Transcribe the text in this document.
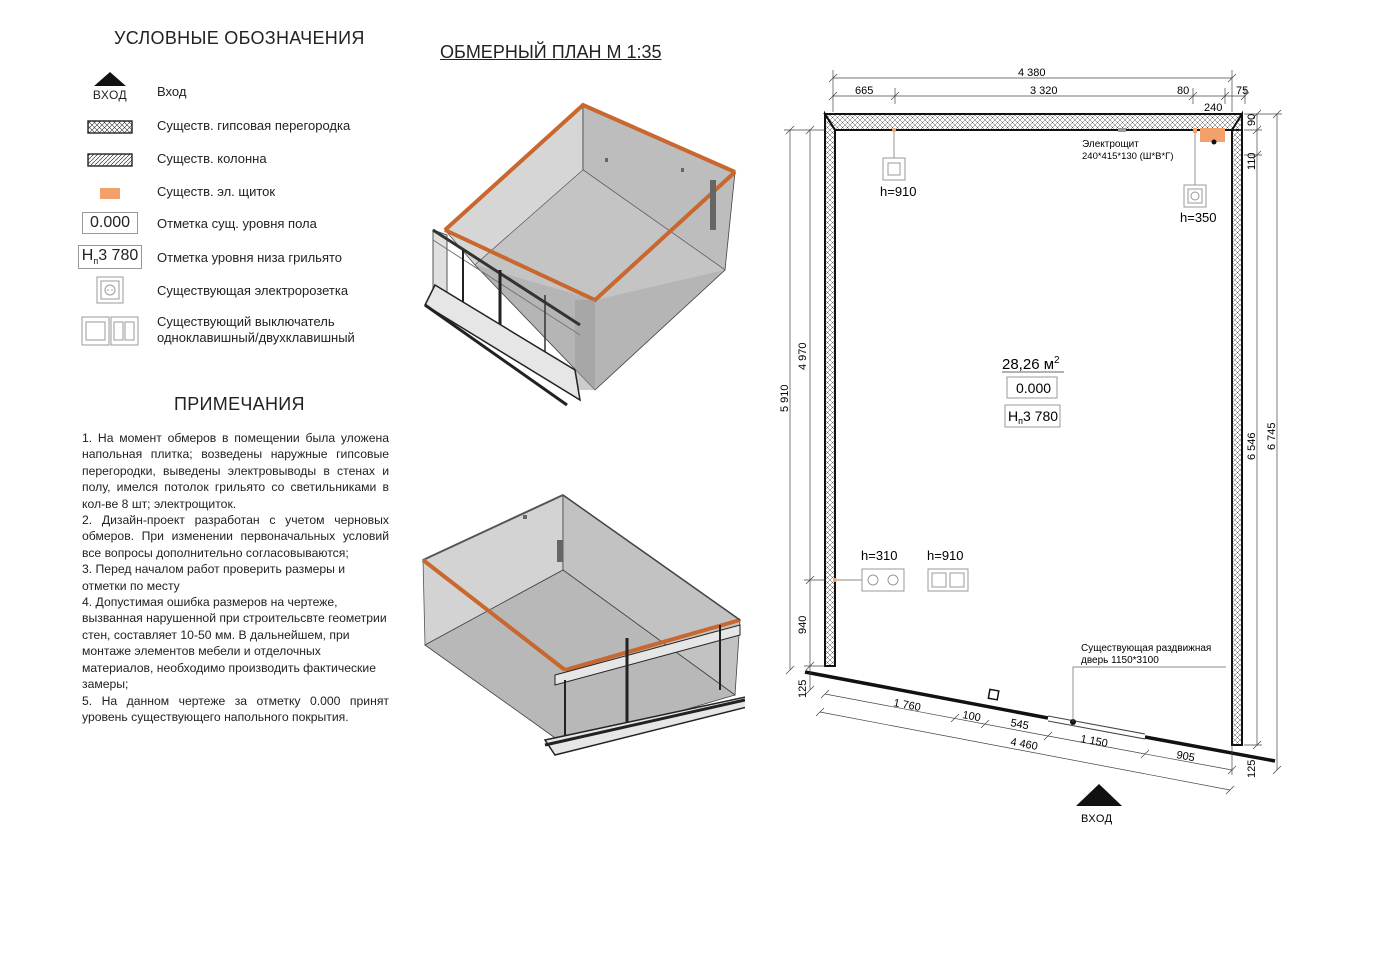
УСЛОВНЫЕ ОБОЗНАЧЕНИЯ
ВХОД Вход
Существ. гипсовая перегородка
Существ. колонна
Существ. эл. щиток
0.000	Отметка сущ. уровня пола
$H_п3$ 780	Отметка уровня низа грильято
Существующая электророзетка
Существующий выключатель
одноклавишный/двухклавишный
ПРИМЕЧАНИЯ

1. На момент обмеров в помещении была уложена напольная плитка; возведены наружные гипсовые перегородки, выведены электровыводы в стенах и полу, имелся потолок грильято со светильниками в кол-ве 8 шт; электрощиток.

2. Дизайн-проект разработан с учетом черновых обмеров. При изменении первоначальных условий все вопросы дополнительно согласовываются;

3. Перед началом работ проверить размеры и отметки по месту

4. Допустимая ошибка размеров на чертеже, вызванная нарушенной при строительсвте геометрии стен, составляет 10-50 мм. В дальнейшем, при монтаже элементов мебели и отделочных материалов, необходимо производить фактические замеры;

5. На данном чертеже за отметку 0.000 принят уровень существующего напольного покрытия.

ОБМЕРНЫЙ ПЛАН М 1:35
Электрощит
240*415*130 (Ш*В*Г)
h=910
h=350
h=310 h=910
28,26 $м^2$
0.000
$H_п3$ 780
Существующая раздвижная
дверь 1150*3100
ВХОД
4 380
665	3 320	80	75
240
5 910
4 970
940
125
90
110
6 546 6 745
125
1 760
100
545
1 150
905
4 460
